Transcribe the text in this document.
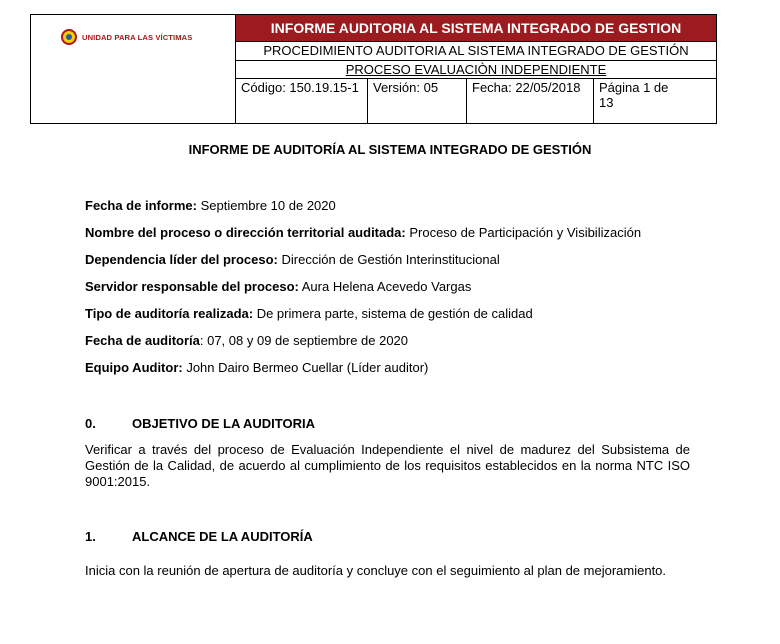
UNIDAD PARA LAS VÍCTIMAS
INFORME AUDITORIA AL SISTEMA INTEGRADO DE GESTION
PROCEDIMIENTO AUDITORIA AL SISTEMA INTEGRADO DE GESTIÓN
PROCESO EVALUACIÒN INDEPENDIENTE
Código: 150.19.15-1	Versión: 05	Fecha: 22/05/2018	Página 1 de
13
INFORME DE AUDITORÍA AL SISTEMA INTEGRADO DE GESTIÓN
Fecha de informe: Septiembre 10 de 2020
Nombre del proceso o dirección territorial auditada: Proceso de Participación y Visibilización
Dependencia líder del proceso: Dirección de Gestión Interinstitucional
Servidor responsable del proceso: Aura Helena Acevedo Vargas
Tipo de auditoría realizada: De primera parte, sistema de gestión de calidad
Fecha de auditoría: 07, 08 y 09 de septiembre de 2020
Equipo Auditor: John Dairo Bermeo Cuellar (Líder auditor)
0.	OBJETIVO DE LA AUDITORIA
Verificar a través del proceso de Evaluación Independiente el nivel de madurez del Subsistema de Gestión de la Calidad, de acuerdo al cumplimiento de los requisitos establecidos en la norma NTC ISO 9001:2015.
1.	ALCANCE DE LA AUDITORÍA
Inicia con la reunión de apertura de auditoría y concluye con el seguimiento al plan de mejoramiento.
